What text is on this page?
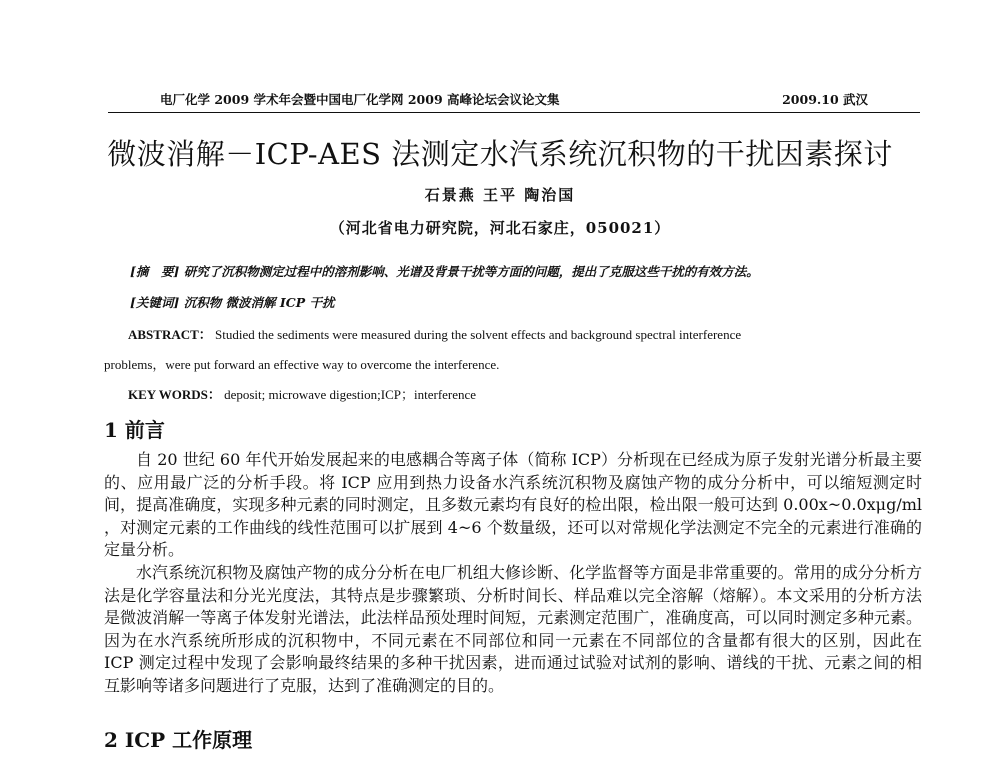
电厂化学 2009 学术年会暨中国电厂化学网 2009 高峰论坛会议论文集	2009.10 武汉
微波消解－ICP-AES 法测定水汽系统沉积物的干扰因素探讨
石景燕 王平 陶治国
（河北省电力研究院，河北石家庄，050021）
[摘　要] 研究了沉积物测定过程中的溶剂影响、光谱及背景干扰等方面的问题，提出了克服这些干扰的有效方法。
[关键词] 沉积物 微波消解 ICP 干扰
ABSTRACT： Studied the sediments were measured during the solvent effects and background spectral interference
problems，were put forward an effective way to overcome the interference.
KEY WORDS： deposit; microwave digestion;ICP；interference
1 前言

自 20 世纪 60 年代开始发展起来的电感耦合等离子体（简称 ICP）分析现在已经成为原子发射光谱分析最主要的、应用最广泛的分析手段。将 ICP 应用到热力设备水汽系统沉积物及腐蚀产物的成分分析中，可以缩短测定时间，提高准确度，实现多种元素的同时测定，且多数元素均有良好的检出限，检出限一般可达到 0.00x~0.0xμg/ml ，对测定元素的工作曲线的线性范围可以扩展到 4~6 个数量级，还可以对常规化学法测定不完全的元素进行准确的定量分析。

水汽系统沉积物及腐蚀产物的成分分析在电厂机组大修诊断、化学监督等方面是非常重要的。常用的成分分析方法是化学容量法和分光光度法，其特点是步骤繁琐、分析时间长、样品难以完全溶解（熔解）。本文采用的分析方法是微波消解一等离子体发射光谱法，此法样品预处理时间短，元素测定范围广，准确度高，可以同时测定多种元素。因为在水汽系统所形成的沉积物中，不同元素在不同部位和同一元素在不同部位的含量都有很大的区别，因此在 ICP 测定过程中发现了会影响最终结果的多种干扰因素，进而通过试验对试剂的影响、谱线的干扰、元素之间的相互影响等诸多问题进行了克服，达到了准确测定的目的。

2 ICP 工作原理
